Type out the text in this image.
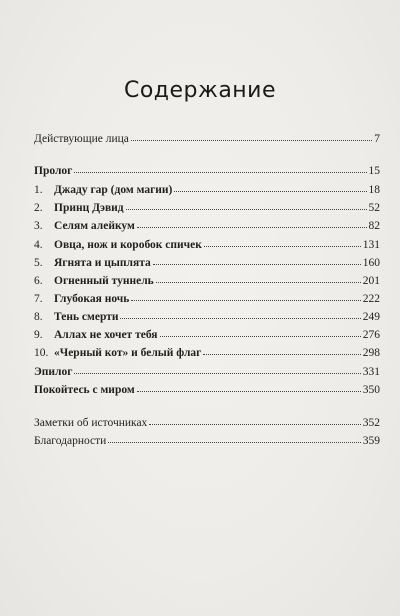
Содержание
Действующие лица	7
Пролог	15
1. Джаду гар (дом магии)	18
2. Принц Дэвид	52
3. Селям алейкум	82
4. Овца, нож и коробок спичек	131
5. Ягнята и цыплята	160
6. Огненный туннель	201
7. Глубокая ночь	222
8. Тень смерти	249
9. Аллах не хочет тебя	276
10. «Черный кот» и белый флаг	298
Эпилог	331
Покойтесь с миром	350
Заметки об источниках	352
Благодарности	359
